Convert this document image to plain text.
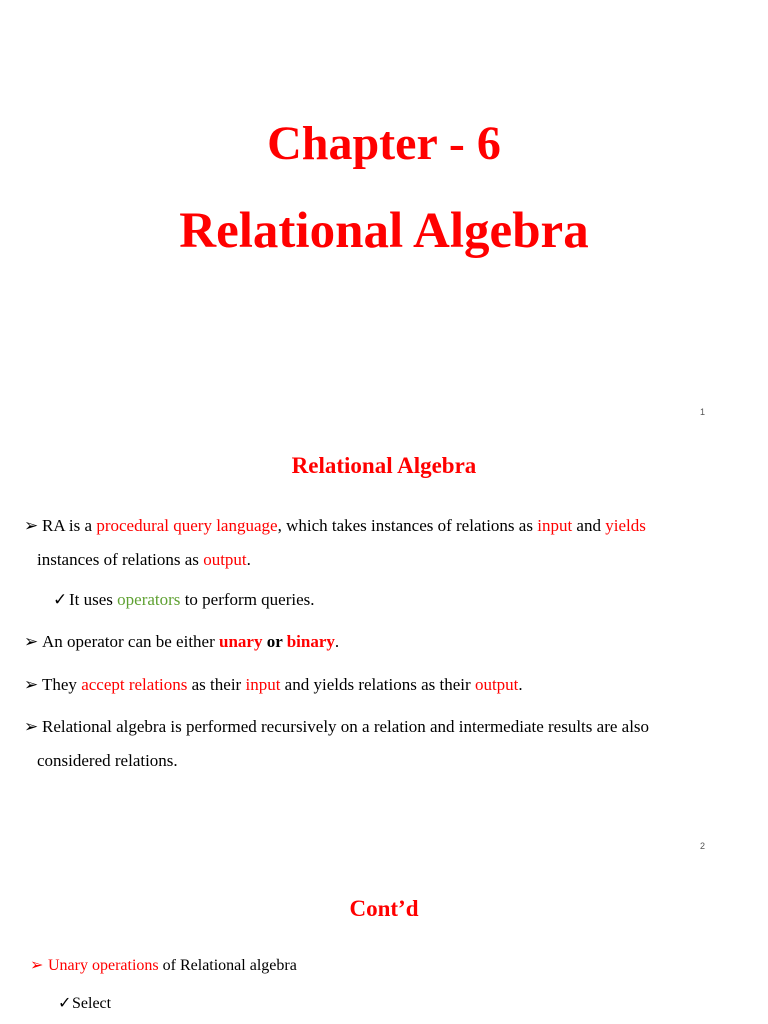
Chapter - 6
Relational Algebra
1
Relational Algebra
➢ RA is a procedural query language, which takes instances of relations as input and yields
instances of relations as output.
✓ It uses operators to perform queries.
➢ An operator can be either unary or binary.
➢ They accept relations as their input and yields relations as their output.
➢ Relational algebra is performed recursively on a relation and intermediate results are also
considered relations.
2
Cont’d
➢ Unary operations of Relational algebra
✓Select
